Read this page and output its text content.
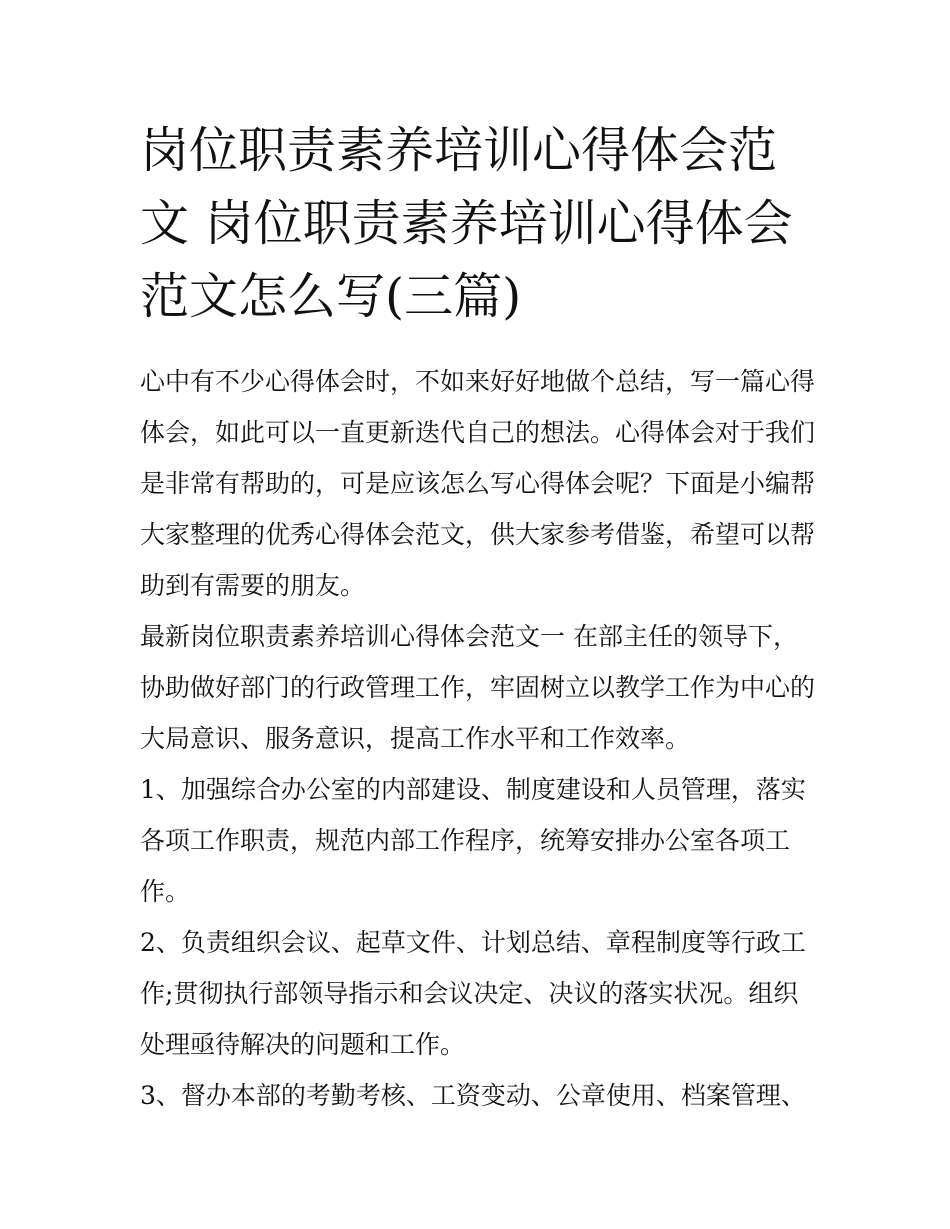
岗位职责素养培训心得体会范
文 岗位职责素养培训心得体会
范文怎么写(三篇)

心中有不少心得体会时，不如来好好地做个总结，写一篇心得
体会，如此可以一直更新迭代自己的想法。心得体会对于我们
是非常有帮助的，可是应该怎么写心得体会呢？下面是小编帮
大家整理的优秀心得体会范文，供大家参考借鉴，希望可以帮
助到有需要的朋友。

最新岗位职责素养培训心得体会范文一 在部主任的领导下，
协助做好部门的行政管理工作，牢固树立以教学工作为中心的
大局意识、服务意识，提高工作水平和工作效率。

1、加强综合办公室的内部建设、制度建设和人员管理，落实
各项工作职责，规范内部工作程序，统筹安排办公室各项工
作。

2、负责组织会议、起草文件、计划总结、章程制度等行政工
作;贯彻执行部领导指示和会议决定、决议的落实状况。组织
处理亟待解决的问题和工作。

3、督办本部的考勤考核、工资变动、公章使用、档案管理、
